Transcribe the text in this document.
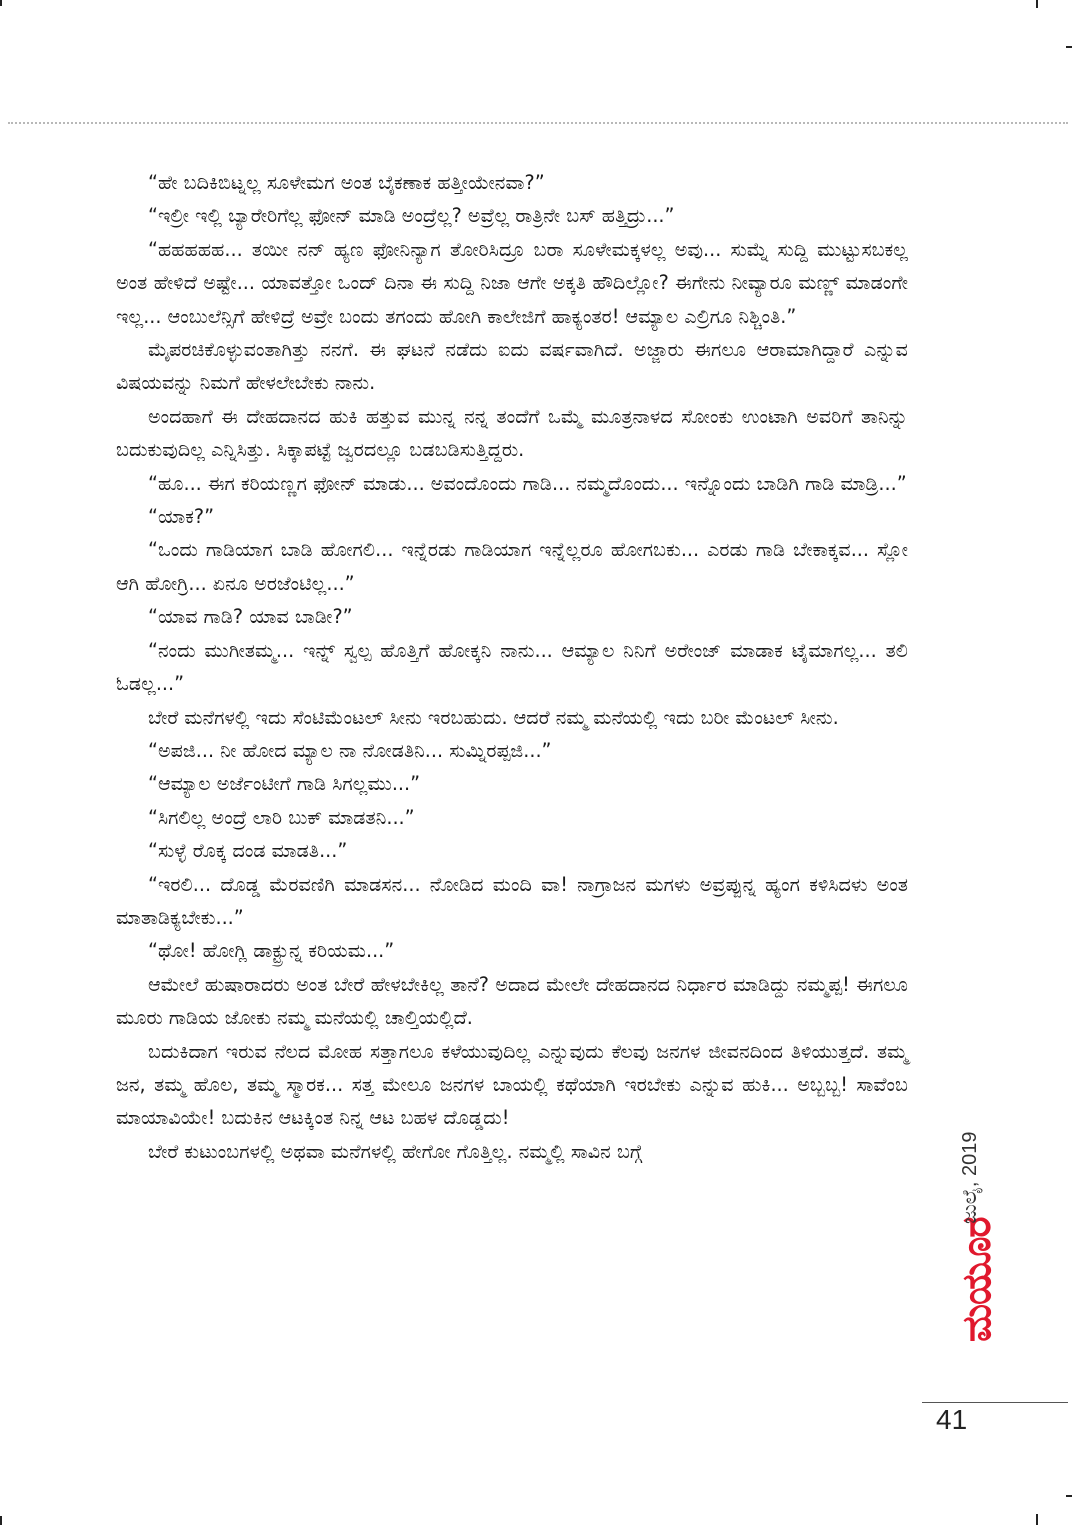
“ಹೇ ಬದಿಕಿಬಿಟ್ನಲ್ಲ ಸೂಳೇಮಗ ಅಂತ ಬೈಕಣಾಕ ಹತ್ತೀಯೇನವಾ?”

“ಇಲ್ರೀ ಇಲ್ಲಿ ಬ್ಯಾರೇರಿಗೆಲ್ಲ ಫೋನ್ ಮಾಡಿ ಅಂದ್ರೆಲ್ಲ? ಅವ್ರೆಲ್ಲ ರಾತ್ರಿನೇ ಬಸ್ ಹತ್ತಿದ್ರು...”

“ಹಹಹಹಹ... ತಯೀ ನನ್ ಹ್ಯಣ ಫೋನಿನ್ಯಾಗ ತೋರಿಸಿದ್ರೂ ಬರಾ ಸೂಳೇಮಕ್ಕಳಲ್ಲ ಅವು... ಸುಮ್ನೆ ಸುದ್ದಿ ಮುಟ್ಟುಸಬಕಲ್ಲ ಅಂತ ಹೇಳಿದೆ ಅಷ್ಟೇ... ಯಾವತ್ತೋ ಒಂದ್ ದಿನಾ ಈ ಸುದ್ದಿ ನಿಜಾ ಆಗೇ ಅಕ್ಕತಿ ಹೌದಿಲ್ಲೋ? ಈಗೇನು ನೀವ್ಯಾರೂ ಮಣ್ಣ್ ಮಾಡಂಗೇ ಇಲ್ಲ... ಆಂಬುಲೆನ್ಸಿಗೆ ಹೇಳಿದ್ರೆ ಅವ್ರೇ ಬಂದು ತಗಂದು ಹೋಗಿ ಕಾಲೇಜಿಗೆ ಹಾಕ್ಯಂತರ! ಆಮ್ಯಾಲ ಎಲ್ರಿಗೂ ನಿಶ್ಚಿಂತಿ.”

ಮೈಪರಚಿಕೊಳ್ಳುವಂತಾಗಿತ್ತು ನನಗೆ. ಈ ಘಟನೆ ನಡೆದು ಐದು ವರ್ಷವಾಗಿದೆ. ಅಜ್ಜಾರು ಈಗಲೂ ಆರಾಮಾಗಿದ್ದಾರೆ ಎನ್ನುವ ವಿಷಯವನ್ನು ನಿಮಗೆ ಹೇಳಲೇಬೇಕು ನಾನು.

ಅಂದಹಾಗೆ ಈ ದೇಹದಾನದ ಹುಕಿ ಹತ್ತುವ ಮುನ್ನ ನನ್ನ ತಂದೆಗೆ ಒಮ್ಮೆ ಮೂತ್ರನಾಳದ ಸೋಂಕು ಉಂಟಾಗಿ ಅವರಿಗೆ ತಾನಿನ್ನು ಬದುಕುವುದಿಲ್ಲ ಎನ್ನಿಸಿತ್ತು. ಸಿಕ್ಕಾಪಟ್ಟೆ ಜ್ವರದಲ್ಲೂ ಬಡಬಡಿಸುತ್ತಿದ್ದರು.

“ಹೂ... ಈಗ ಕರಿಯಣ್ಣಗ ಫೋನ್ ಮಾಡು... ಅವಂದೊಂದು ಗಾಡಿ... ನಮ್ಮದೊಂದು... ಇನ್ನೊಂದು ಬಾಡಿಗಿ ಗಾಡಿ ಮಾಡ್ರಿ...”

“ಯಾಕ?”

“ಒಂದು ಗಾಡಿಯಾಗ ಬಾಡಿ ಹೋಗಲಿ... ಇನ್ನೆರಡು ಗಾಡಿಯಾಗ ಇನ್ನೆಲ್ಲರೂ ಹೋಗಬಕು... ಎರಡು ಗಾಡಿ ಬೇಕಾಕ್ಕವ... ಸ್ಲೋ ಆಗಿ ಹೋಗ್ರಿ... ಏನೂ ಅರಜೆಂಟಿಲ್ಲ...”

“ಯಾವ ಗಾಡಿ? ಯಾವ ಬಾಡೀ?”

“ನಂದು ಮುಗೀತಮ್ಮ... ಇನ್ನ್ ಸ್ವಲ್ಪ ಹೊತ್ತಿಗೆ ಹೋಕ್ಕನಿ ನಾನು... ಆಮ್ಯಾಲ ನಿನಿಗೆ ಅರೇಂಜ್ ಮಾಡಾಕ ಟೈಮಾಗಲ್ಲ... ತಲಿ ಓಡಲ್ಲ...”

ಬೇರೆ ಮನೆಗಳಲ್ಲಿ ಇದು ಸೆಂಟಿಮೆಂಟಲ್ ಸೀನು ಇರಬಹುದು. ಆದರೆ ನಮ್ಮ ಮನೆಯಲ್ಲಿ ಇದು ಬರೀ ಮೆಂಟಲ್ ಸೀನು.

“ಅಪಜಿ... ನೀ ಹೋದ ಮ್ಯಾಲ ನಾ ನೋಡತಿನಿ... ಸುಮ್ನಿರಪ್ಪಜಿ...”

“ಆಮ್ಯಾಲ ಅರ್ಜೆಂಟೀಗೆ ಗಾಡಿ ಸಿಗಲ್ಲಮು...”

“ಸಿಗಲಿಲ್ಲ ಅಂದ್ರೆ ಲಾರಿ ಬುಕ್ ಮಾಡತನಿ...”

“ಸುಳ್ಳೆ ರೊಕ್ಕ ದಂಡ ಮಾಡತಿ...”

“ಇರಲಿ... ದೊಡ್ಡ ಮೆರವಣಿಗಿ ಮಾಡಸನ... ನೋಡಿದ ಮಂದಿ ವಾ! ನಾಗ್ರಾಜನ ಮಗಳು ಅವ್ರಪ್ಪುನ್ನ ಹ್ಯಂಗ ಕಳಿಸಿದಳು ಅಂತ ಮಾತಾಡಿಕ್ಯಬೇಕು...”

“ಥೋ! ಹೋಗ್ಲಿ ಡಾಕ್ಟ್ರುನ್ನ ಕರಿಯಮ...”

ಆಮೇಲೆ ಹುಷಾರಾದರು ಅಂತ ಬೇರೆ ಹೇಳಬೇಕಿಲ್ಲ ತಾನೆ? ಅದಾದ ಮೇಲೇ ದೇಹದಾನದ ನಿರ್ಧಾರ ಮಾಡಿದ್ದು ನಮ್ಮಪ್ಪ! ಈಗಲೂ ಮೂರು ಗಾಡಿಯ ಜೋಕು ನಮ್ಮ ಮನೆಯಲ್ಲಿ ಚಾಲ್ತಿಯಲ್ಲಿದೆ.

ಬದುಕಿದಾಗ ಇರುವ ನೆಲದ ಮೋಹ ಸತ್ತಾಗಲೂ ಕಳೆಯುವುದಿಲ್ಲ ಎನ್ನುವುದು ಕೆಲವು ಜನಗಳ ಜೀವನದಿಂದ ತಿಳಿಯುತ್ತದೆ. ತಮ್ಮ ಜನ, ತಮ್ಮ ಹೊಲ, ತಮ್ಮ ಸ್ಮಾರಕ... ಸತ್ತ ಮೇಲೂ ಜನಗಳ ಬಾಯಲ್ಲಿ ಕಥೆಯಾಗಿ ಇರಬೇಕು ಎನ್ನುವ ಹುಕಿ... ಅಬ್ಬಬ್ಬ! ಸಾವೆಂಬ ಮಾಯಾವಿಯೇ! ಬದುಕಿನ ಆಟಕ್ಕಿಂತ ನಿನ್ನ ಆಟ ಬಹಳ ದೊಡ್ಡದು!

ಬೇರೆ ಕುಟುಂಬಗಳಲ್ಲಿ ಅಥವಾ ಮನೆಗಳಲ್ಲಿ ಹೇಗೋ ಗೊತ್ತಿಲ್ಲ. ನಮ್ಮಲ್ಲಿ ಸಾವಿನ ಬಗ್ಗೆ

ಮಯೂರ
ಜುಲೈ, 2019
41
